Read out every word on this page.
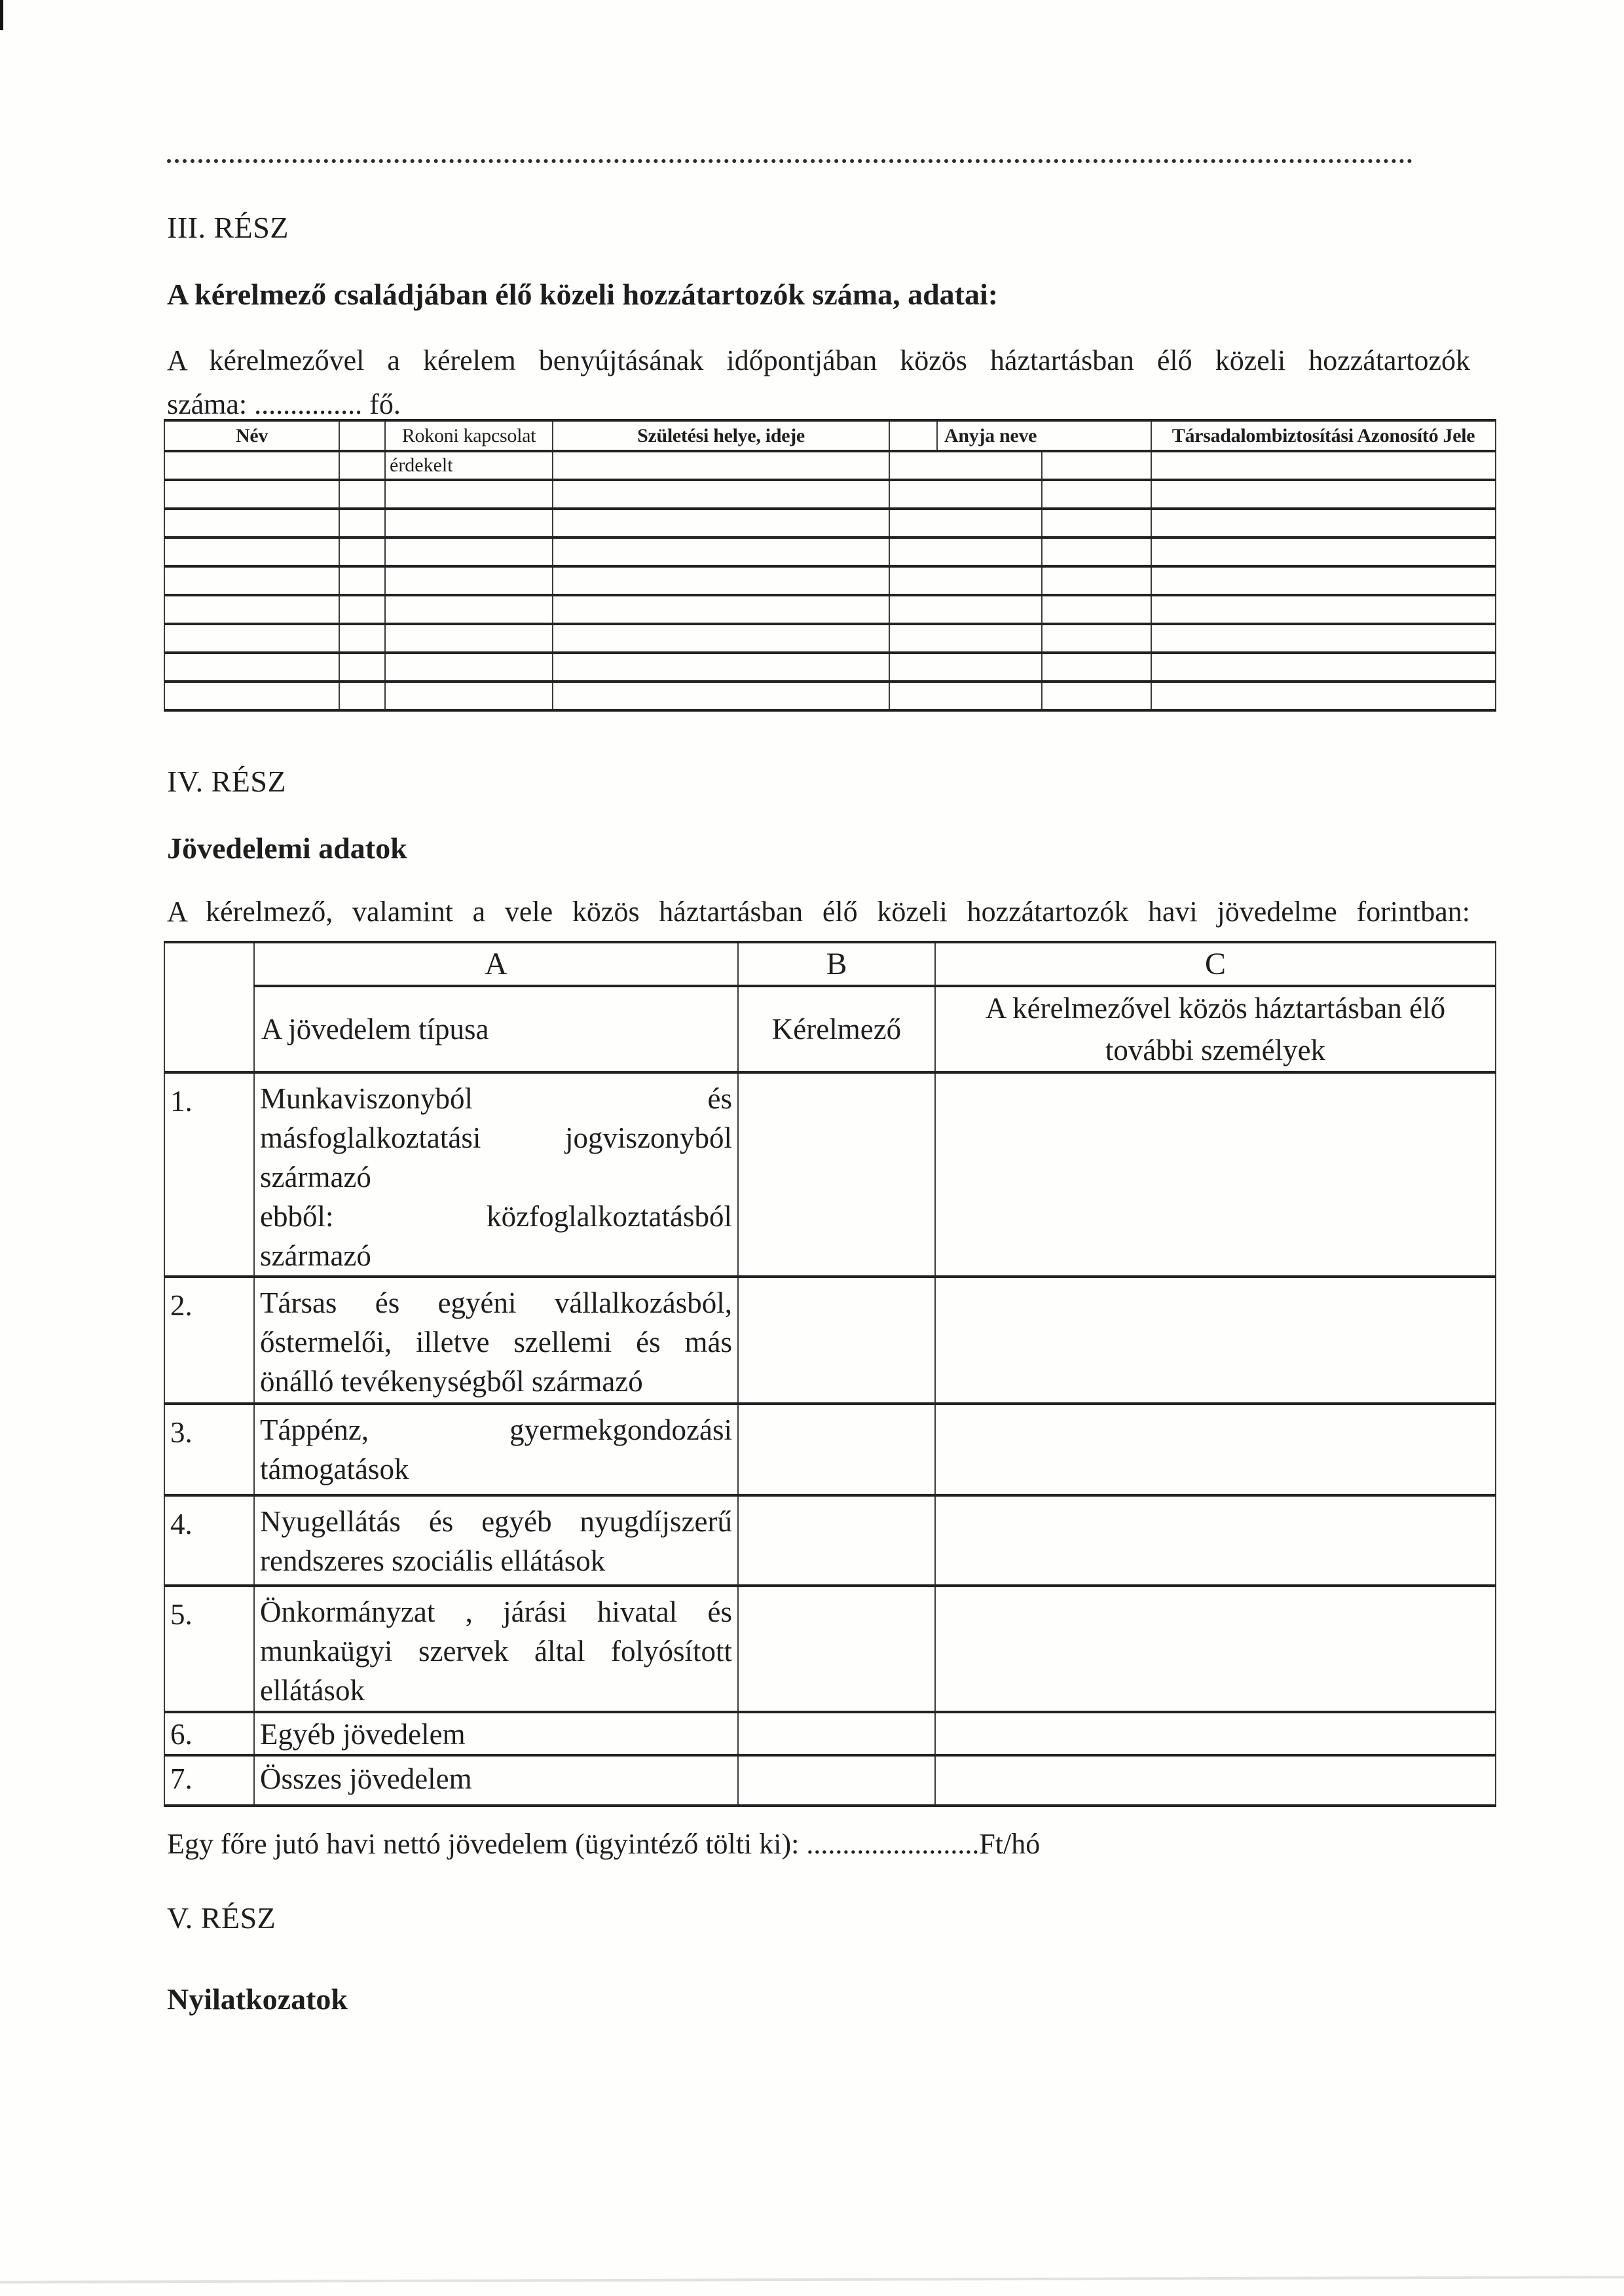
III. RÉSZ
A kérelmező családjában élő közeli hozzátartozók száma, adatai:
A kérelmezővel a kérelem benyújtásának időpontjában közös háztartásban élő közeli hozzátartozók
száma: ............... fő.
Név		Rokoni kapcsolat	Születési helye, ideje		Anyja neve		Társadalombiztosítási Azonosító Jele
		érdekelt					

IV. RÉSZ
Jövedelemi adatok
A kérelmező, valamint a vele közös háztartásban élő közeli hozzátartozók havi jövedelme forintban:
	A	B	C
	A jövedelem típusa	Kérelmező	A kérelmezővel közös háztartásban élő további személyek
1.	Munkaviszonyból és
másfoglalkoztatási jogviszonyból
származó
ebből: közfoglalkoztatásból
származó		

2.	Társas és egyéni vállalkozásból,
őstermelői, illetve szellemi és más
önálló tevékenységből származó		

3.	Táppénz, gyermekgondozási
támogatások		

4.	Nyugellátás és egyéb nyugdíjszerű
rendszeres szociális ellátások		

5.	Önkormányzat , járási hivatal és
munkaügyi szervek által folyósított
ellátások		

6.	Egyéb jövedelem		

7.	Összes jövedelem		

Egy főre jutó havi nettó jövedelem (ügyintéző tölti ki): ........................Ft/hó
V. RÉSZ
Nyilatkozatok
